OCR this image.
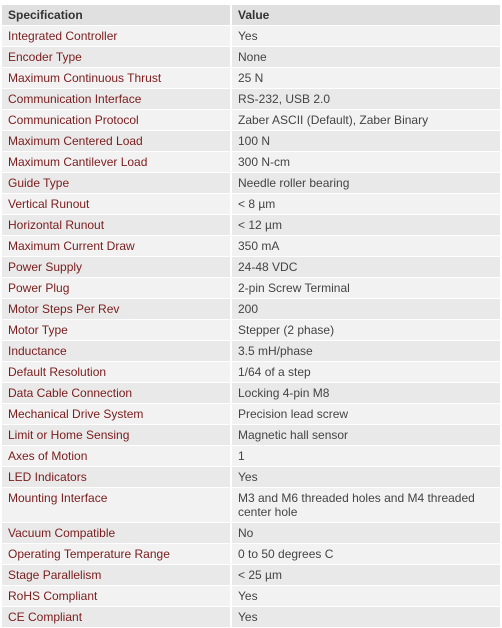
Specification	Value
Integrated Controller	Yes
Encoder Type	None
Maximum Continuous Thrust	25 N
Communication Interface	RS-232, USB 2.0
Communication Protocol	Zaber ASCII (Default), Zaber Binary
Maximum Centered Load	100 N
Maximum Cantilever Load	300 N-cm
Guide Type	Needle roller bearing
Vertical Runout	< 8 µm
Horizontal Runout	< 12 µm
Maximum Current Draw	350 mA
Power Supply	24-48 VDC
Power Plug	2-pin Screw Terminal
Motor Steps Per Rev	200
Motor Type	Stepper (2 phase)
Inductance	3.5 mH/phase
Default Resolution	1/64 of a step
Data Cable Connection	Locking 4-pin M8
Mechanical Drive System	Precision lead screw
Limit or Home Sensing	Magnetic hall sensor
Axes of Motion	1
LED Indicators	Yes
Mounting Interface	M3 and M6 threaded holes and M4 threaded center hole
Vacuum Compatible	No
Operating Temperature Range	0 to 50 degrees C
Stage Parallelism	< 25 µm
RoHS Compliant	Yes
CE Compliant	Yes
